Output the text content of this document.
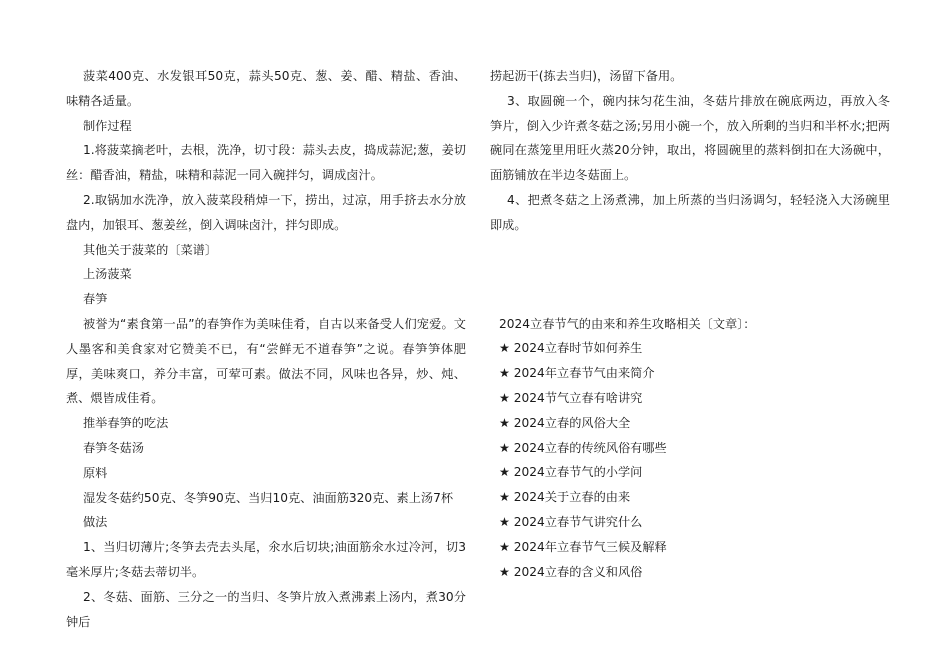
菠菜400克、水发银耳50克，蒜头50克、葱、姜、醋、精盐、香油、味精各适量。

制作过程

1.将菠菜摘老叶，去根，洗净，切寸段：蒜头去皮，捣成蒜泥;葱，姜切丝：醋香油，精盐，味精和蒜泥一同入碗拌匀，调成卤汁。

2.取锅加水洗净，放入菠菜段稍焯一下，捞出，过凉，用手挤去水分放盘内，加银耳、葱姜丝，倒入调味卤汁，拌匀即成。

其他关于菠菜的〔菜谱〕

上汤菠菜

春笋

被誉为“素食第一品”的春笋作为美味佳肴，自古以来备受人们宠爱。文人墨客和美食家对它赞美不已，有“尝鲜无不道春笋”之说。春笋笋体肥厚，美味爽口，养分丰富，可荤可素。做法不同，风味也各异，炒、炖、煮、煨皆成佳肴。

推举春笋的吃法

春笋冬菇汤

原料

湿发冬菇约50克、冬笋90克、当归10克、油面筋320克、素上汤7杯

做法

1、当归切薄片;冬笋去壳去头尾，氽水后切块;油面筋氽水过冷河，切3毫米厚片;冬菇去蒂切半。

2、冬菇、面筋、三分之一的当归、冬笋片放入煮沸素上汤内，煮30分钟后

捞起沥干(拣去当归)，汤留下备用。

3、取圆碗一个，碗内抹匀花生油，冬菇片排放在碗底两边，再放入冬笋片，倒入少许煮冬菇之汤;另用小碗一个，放入所剩的当归和半杯水;把两碗同在蒸笼里用旺火蒸20分钟，取出，将圆碗里的蒸料倒扣在大汤碗中，面筋铺放在半边冬菇面上。

4、把煮冬菇之上汤煮沸，加上所蒸的当归汤调匀，轻轻浇入大汤碗里即成。

2024立春节气的由来和养生攻略相关〔文章〕：

★ 2024立春时节如何养生

★ 2024年立春节气由来简介

★ 2024节气立春有啥讲究

★ 2024立春的风俗大全

★ 2024立春的传统风俗有哪些

★ 2024立春节气的小学问

★ 2024关于立春的由来

★ 2024立春节气讲究什么

★ 2024年立春节气三候及解释

★ 2024立春的含义和风俗
